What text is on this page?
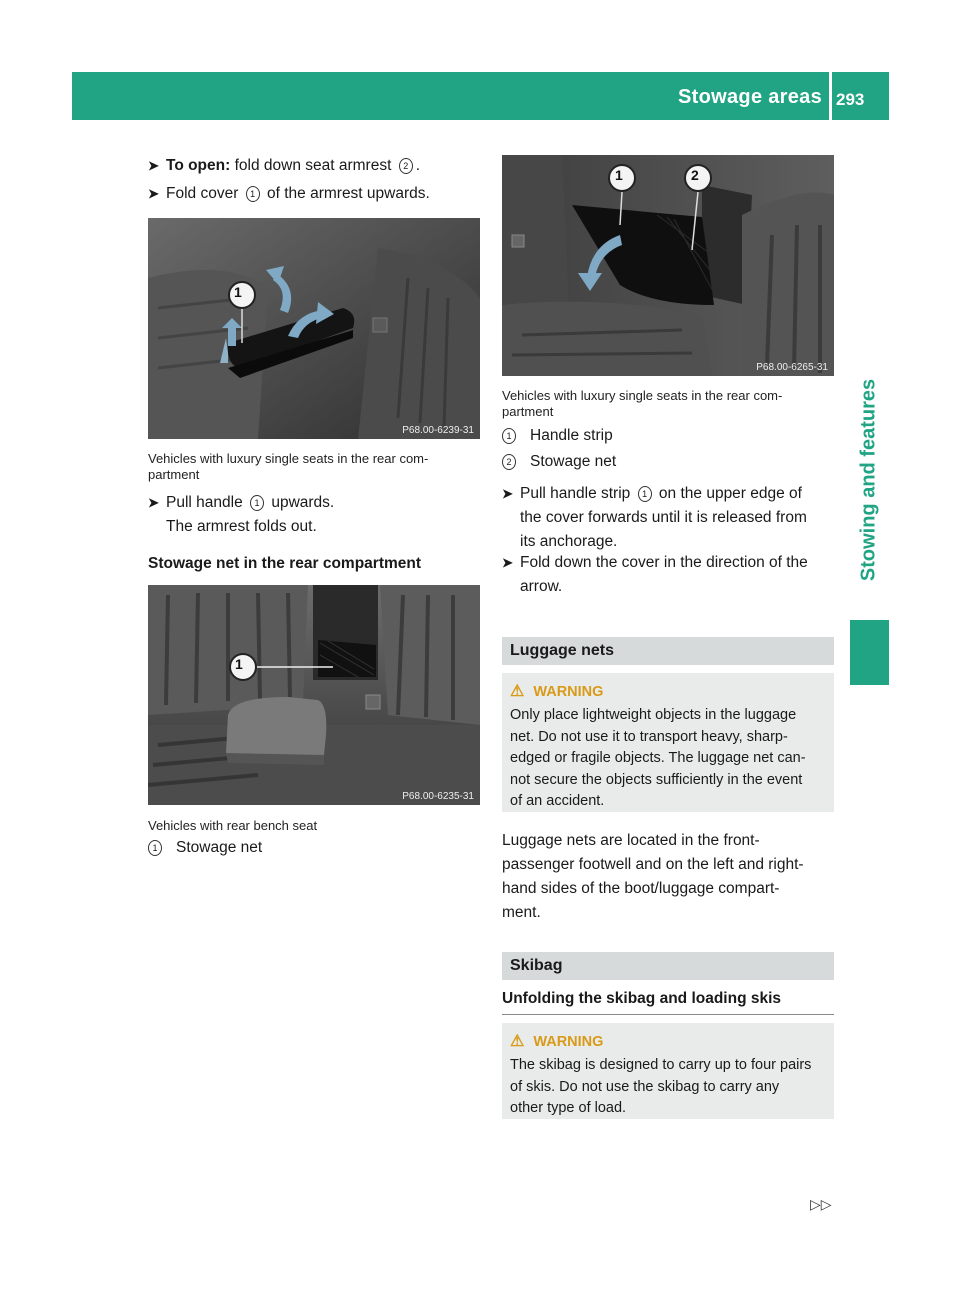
Stowage areas 293
Stowing and features
➤ To open: fold down seat armrest 2 .
➤ Fold cover 1 of the armrest upwards.
1
P68.00-6239-31
Vehicles with luxury single seats in the rear com-
partment
➤ Pull handle 1 upwards.
The armrest folds out.
Stowage net in the rear compartment
1
P68.00-6235-31
Vehicles with rear bench seat
1 Stowage net
1	2
P68.00-6265-31
Vehicles with luxury single seats in the rear com-
partment
1 Handle strip
2 Stowage net
➤ Pull handle strip 1 on the upper edge of
the cover forwards until it is released from
its anchorage.
➤ Fold down the cover in the direction of the
arrow.
Luggage nets
⚠ WARNING
Only place lightweight objects in the luggage
net. Do not use it to transport heavy, sharp-
edged or fragile objects. The luggage net can-
not secure the objects sufficiently in the event
of an accident.
Luggage nets are located in the front-
passenger footwell and on the left and right-
hand sides of the boot/luggage compart-
ment.
Skibag
Unfolding the skibag and loading skis
⚠ WARNING
The skibag is designed to carry up to four pairs
of skis. Do not use the skibag to carry any
other type of load.
▷▷
